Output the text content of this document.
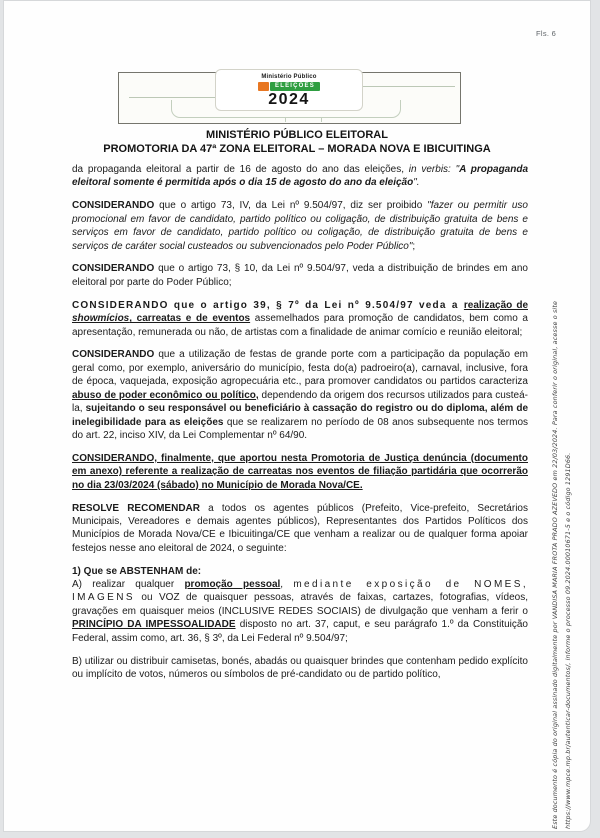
Fls. 6
Ministério Público
ELEIÇÕES
2024
MINISTÉRIO PÚBLICO ELEITORAL
PROMOTORIA DA 47ª ZONA ELEITORAL – MORADA NOVA E IBICUITINGA

da propaganda eleitoral a partir de 16 de agosto do ano das eleições, in verbis: "A propaganda eleitoral somente é permitida após o dia 15 de agosto do ano da eleição".

CONSIDERANDO que o artigo 73, IV, da Lei nº 9.504/97, diz ser proibido "fazer ou permitir uso promocional em favor de candidato, partido político ou coligação, de distribuição gratuita de bens e serviços em favor de candidato, partido político ou coligação, de distribuição gratuita de bens e serviços de caráter social custeados ou subvencionados pelo Poder Público";

CONSIDERANDO que o artigo 73, § 10, da Lei nº 9.504/97, veda a distribuição de brindes em ano eleitoral por parte do Poder Público;

CONSIDERANDO que o artigo 39, § 7º da Lei nº 9.504/97 veda a realização de showmícios, carreatas e de eventos assemelhados para promoção de candidatos, bem como a apresentação, remunerada ou não, de artistas com a finalidade de animar comício e reunião eleitoral;

CONSIDERANDO que a utilização de festas de grande porte com a participação da população em geral como, por exemplo, aniversário do município, festa do(a) padroeiro(a), carnaval, inclusive, fora de época, vaquejada, exposição agropecuária etc., para promover candidatos ou partidos caracteriza abuso de poder econômico ou político, dependendo da origem dos recursos utilizados para custeá-la, sujeitando o seu responsável ou beneficiário à cassação do registro ou do diploma, além de inelegibilidade para as eleições que se realizarem no período de 08 anos subsequente nos termos do art. 22, inciso XIV, da Lei Complementar nº 64/90.

CONSIDERANDO, finalmente, que aportou nesta Promotoria de Justiça denúncia (documento em anexo) referente a realização de carreatas nos eventos de filiação partidária que ocorrerão no dia 23/03/2024 (sábado) no Município de Morada Nova/CE.

RESOLVE RECOMENDAR a todos os agentes públicos (Prefeito, Vice-prefeito, Secretários Municipais, Vereadores e demais agentes públicos), Representantes dos Partidos Políticos dos Municípios de Morada Nova/CE e Ibicuitinga/CE que venham a realizar ou de qualquer forma apoiar festejos nesse ano eleitoral de 2024, o seguinte:

1) Que se ABSTENHAM de:

A) realizar qualquer promoção pessoal, mediante exposição de NOMES, IMAGENS ou VOZ de quaisquer pessoas, através de faixas, cartazes, fotografias, vídeos, gravações em quaisquer meios (INCLUSIVE REDES SOCIAIS) de divulgação que venham a ferir o PRINCÍPIO DA IMPESSOALIDADE disposto no art. 37, caput, e seu parágrafo 1.º da Constituição Federal, assim como, art. 36, § 3º, da Lei Federal nº 9.504/97;

B) utilizar ou distribuir camisetas, bonés, abadás ou quaisquer brindes que contenham pedido explícito ou implícito de votos, números ou símbolos de pré-candidato ou de partido político,	Este documento é cópia do original assinado digitalmente por VANDISA MARIA FROTA PRADO AZEVEDO em 22/03/2024. Para conferir o original, acesse o site https://www.mpce.mp.br/autenticar-documentos/, informe o processo 09.2024.00010671-5 e o código 1291D66.
